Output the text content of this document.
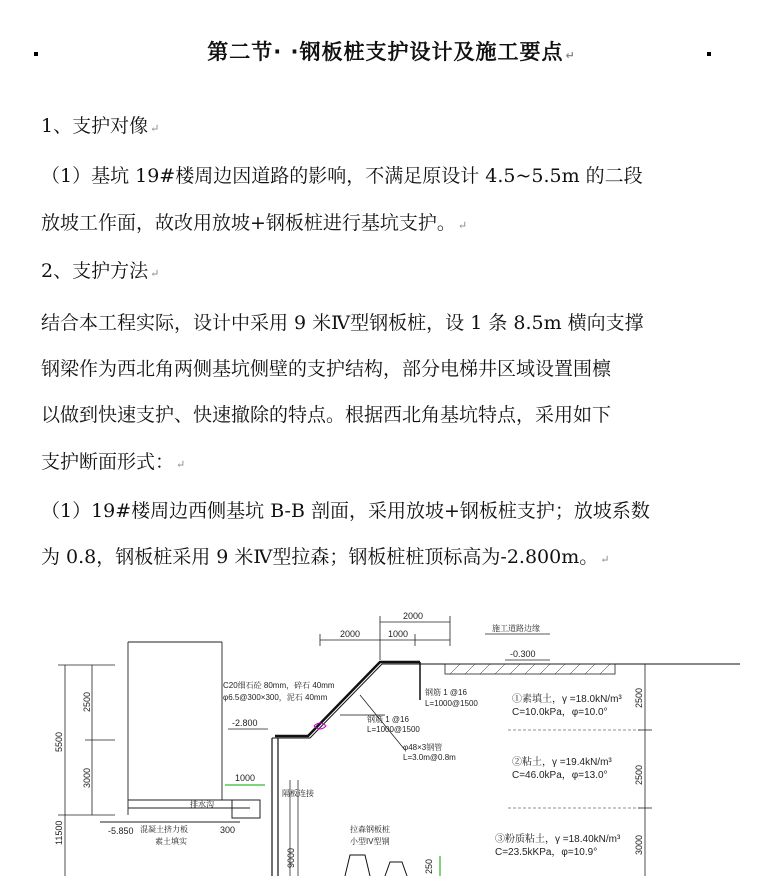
第二节· ·钢板桩支护设计及施工要点 ↵
1、支护对像 ↵
（1）基坑 19#楼周边因道路的影响，不满足原设计 4.5~5.5m 的二段
放坡工作面，故改用放坡+钢板桩进行基坑支护。 ↵
2、支护方法 ↵
结合本工程实际，设计中采用 9 米Ⅳ型钢板桩，设 1 条 8.5m 横向支撑
钢梁作为西北角两侧基坑侧壁的支护结构，部分电梯井区域设置围檩
以做到快速支护、快速撤除的特点。根据西北角基坑特点，采用如下
支护断面形式： ↵
（1）19#楼周边西侧基坑 B-B 剖面，采用放坡+钢板桩支护；放坡系数
为 0.8，钢板桩采用 9 米Ⅳ型拉森；钢板桩桩顶标高为-2.800m。 ↵
2500
5500
3000
11500
2000
2000
1000
施工道路边缘
-0.300
9000
1000
排水沟
混凝土挤力板
素土填实
300
-5.850
-2.800
隔板连接
C20细石砼 80mm，碎石 40mm
φ6.5@300×300，泥石 40mm
钢筋 1 @16
L=1000@1500
钢筋 1 @16
L=1000@1500
φ48×3钢管
L=3.0m@0.8m
①素填土，γ =18.0kN/m³
C=10.0kPa，φ=10.0°
②粘土，γ =19.4kN/m³
C=46.0kPa，φ=13.0°
③粉质粘土，γ =18.40kN/m³
C=23.5kKPa，φ=10.9°
2500
2500
3000
拉森钢板桩
小型IV型钢
250
